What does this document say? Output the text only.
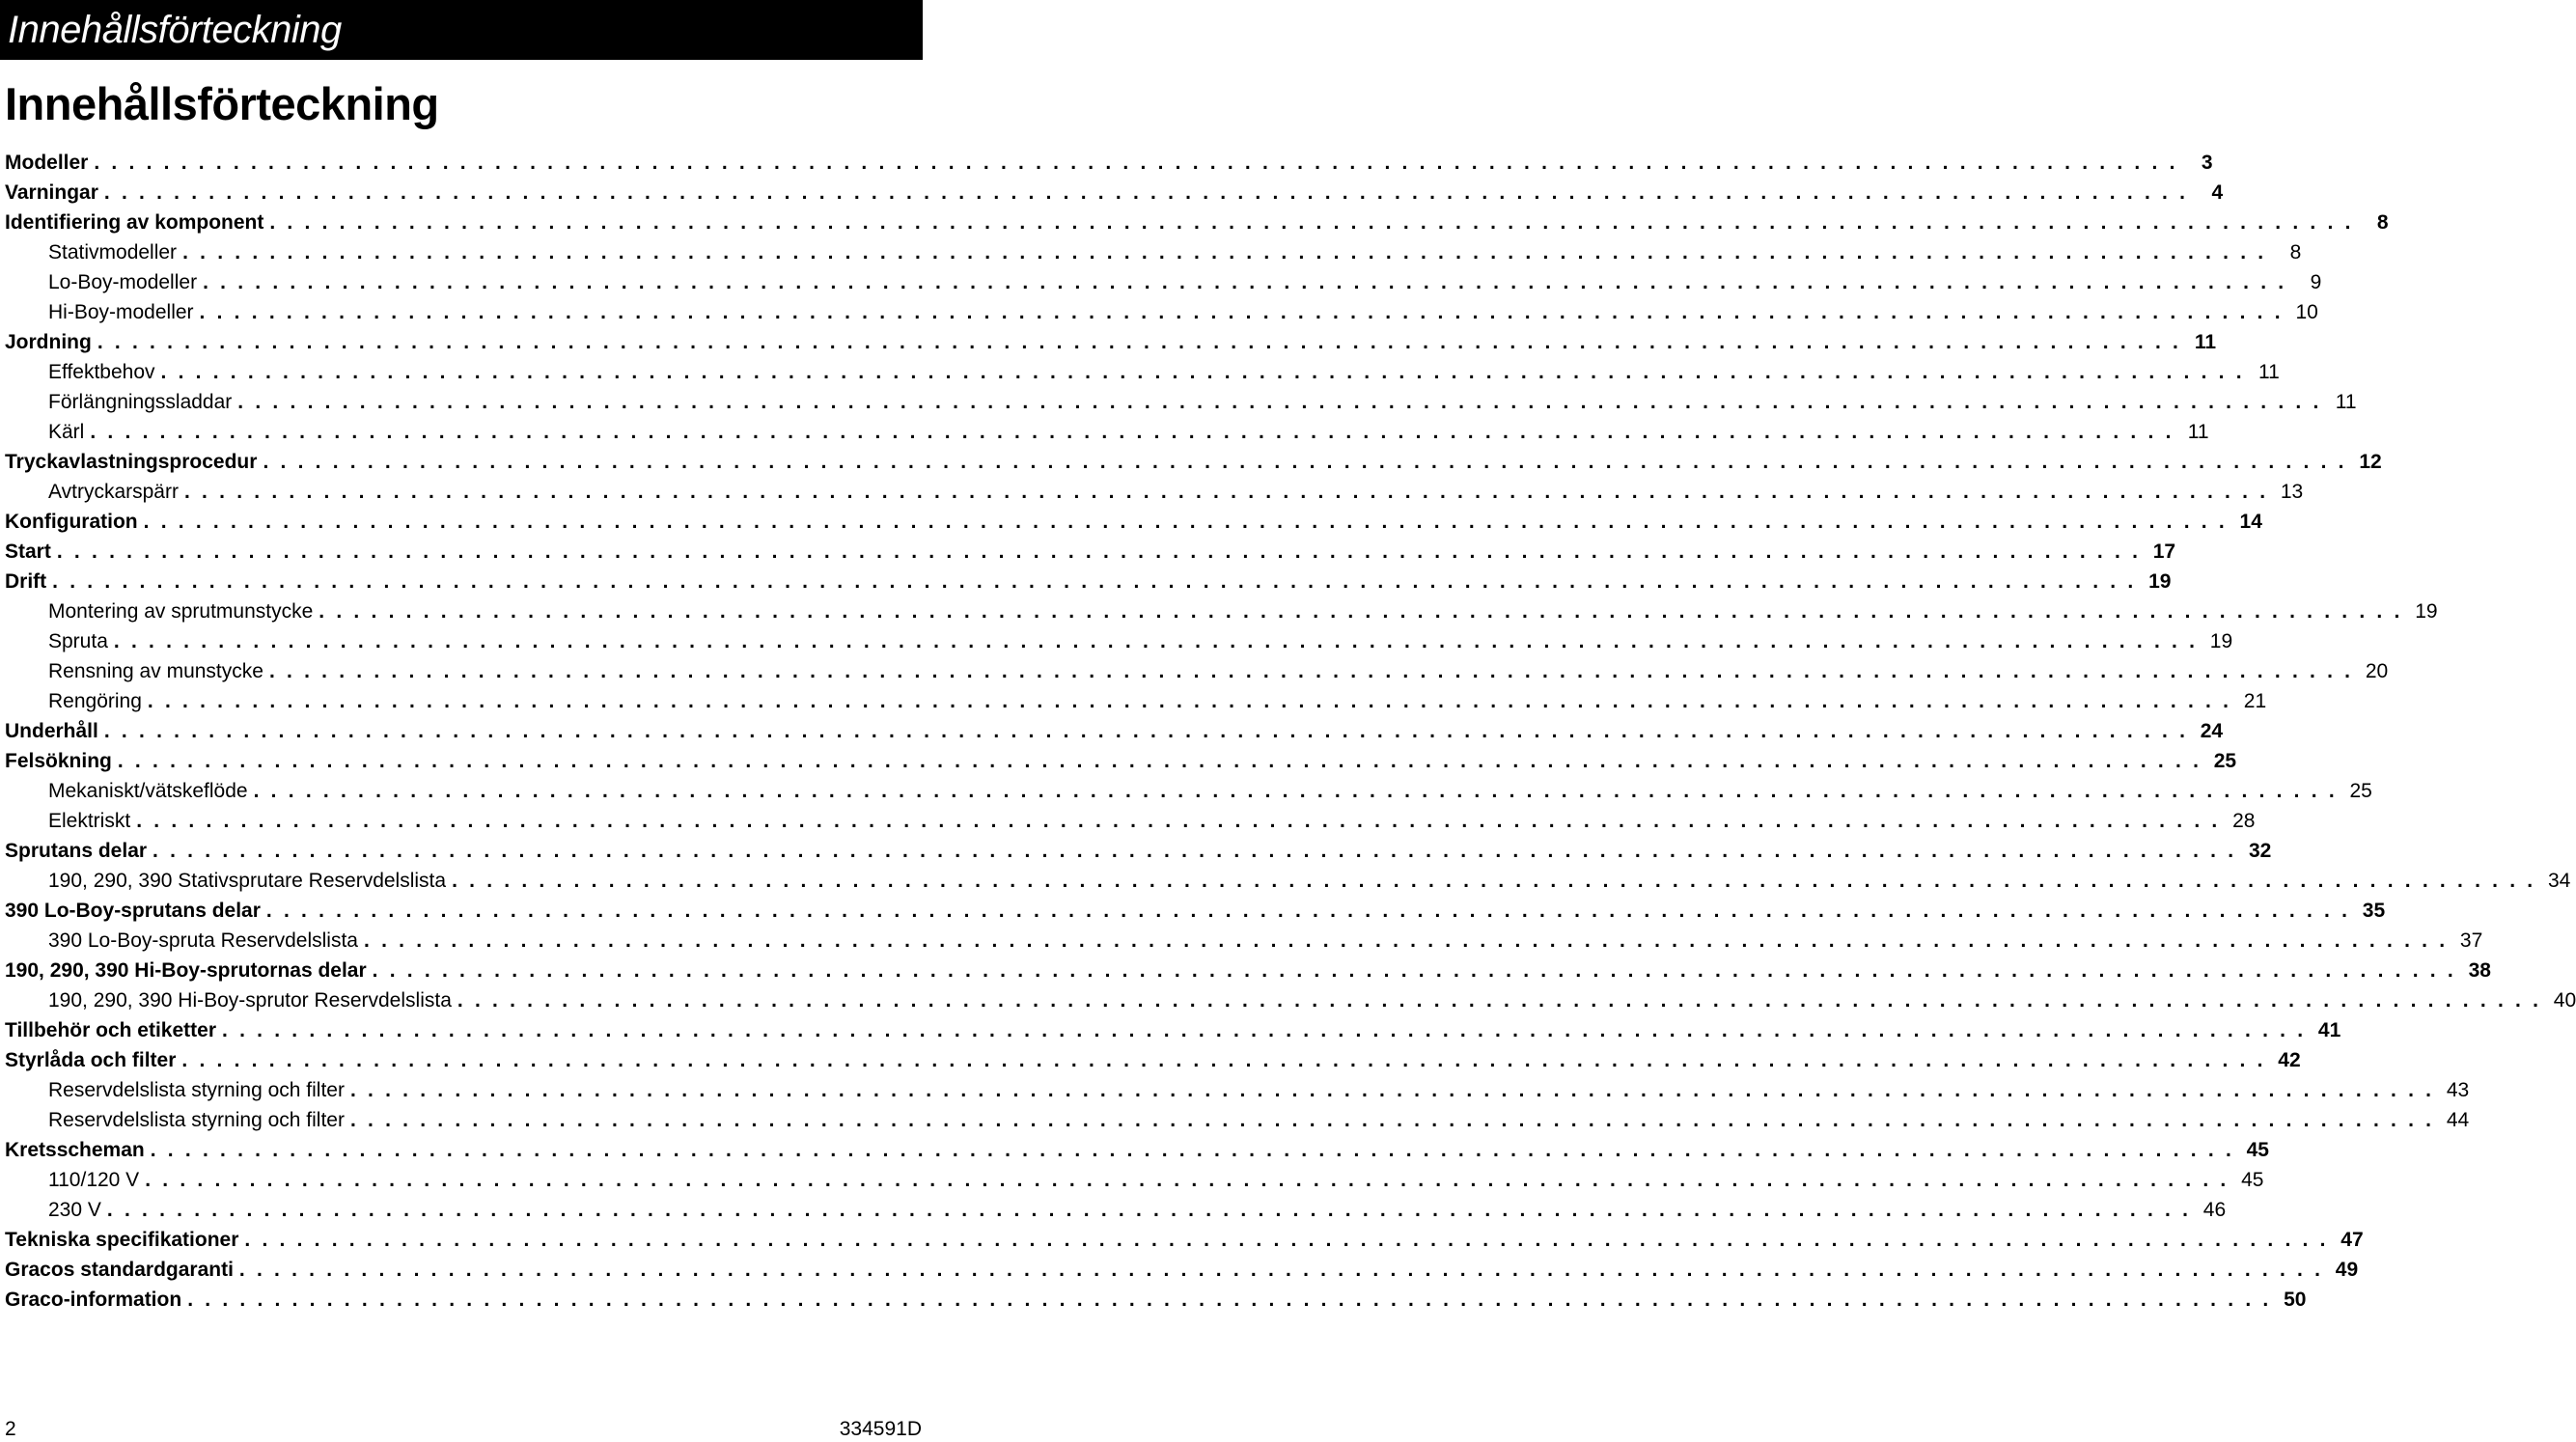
Innehållsförteckning
Innehållsförteckning
Modeller . . . . . . . . . . . . . . . . . . . . . . . . . . . . . . . . . . . . . . . . . . . . . . . . . . . . . . . . . . . . . . . . . . . . . . . . . . . . . . . . . . . . . . . . . . . . . . . . . . . . . . . . . . . . . . . . . . . . . . . .	3
Varningar . . . . . . . . . . . . . . . . . . . . . . . . . . . . . . . . . . . . . . . . . . . . . . . . . . . . . . . . . . . . . . . . . . . . . . . . . . . . . . . . . . . . . . . . . . . . . . . . . . . . . . . . . . . . . . . . . . . . . . . .	4
Identifiering av komponent . . . . . . . . . . . . . . . . . . . . . . . . . . . . . . . . . . . . . . . . . . . . . . . . . . . . . . . . . . . . . . . . . . . . . . . . . . . . . . . . . . . . . . . . . . . . . . . . . . . . . . . . . . . . . . . . . . . . . . . .	8
Stativmodeller . . . . . . . . . . . . . . . . . . . . . . . . . . . . . . . . . . . . . . . . . . . . . . . . . . . . . . . . . . . . . . . . . . . . . . . . . . . . . . . . . . . . . . . . . . . . . . . . . . . . . . . . . . . . . . . . . . . . . . . .	8
Lo-Boy-modeller . . . . . . . . . . . . . . . . . . . . . . . . . . . . . . . . . . . . . . . . . . . . . . . . . . . . . . . . . . . . . . . . . . . . . . . . . . . . . . . . . . . . . . . . . . . . . . . . . . . . . . . . . . . . . . . . . . . . . . . .	9
Hi-Boy-modeller . . . . . . . . . . . . . . . . . . . . . . . . . . . . . . . . . . . . . . . . . . . . . . . . . . . . . . . . . . . . . . . . . . . . . . . . . . . . . . . . . . . . . . . . . . . . . . . . . . . . . . . . . . . . . . . . . . . . . . . . 10
Jordning . . . . . . . . . . . . . . . . . . . . . . . . . . . . . . . . . . . . . . . . . . . . . . . . . . . . . . . . . . . . . . . . . . . . . . . . . . . . . . . . . . . . . . . . . . . . . . . . . . . . . . . . . . . . . . . . . . . . . . . . 11
Effektbehov . . . . . . . . . . . . . . . . . . . . . . . . . . . . . . . . . . . . . . . . . . . . . . . . . . . . . . . . . . . . . . . . . . . . . . . . . . . . . . . . . . . . . . . . . . . . . . . . . . . . . . . . . . . . . . . . . . . . . . . . 11
Förlängningssladdar . . . . . . . . . . . . . . . . . . . . . . . . . . . . . . . . . . . . . . . . . . . . . . . . . . . . . . . . . . . . . . . . . . . . . . . . . . . . . . . . . . . . . . . . . . . . . . . . . . . . . . . . . . . . . . . . . . . . . . . . 11
Kärl . . . . . . . . . . . . . . . . . . . . . . . . . . . . . . . . . . . . . . . . . . . . . . . . . . . . . . . . . . . . . . . . . . . . . . . . . . . . . . . . . . . . . . . . . . . . . . . . . . . . . . . . . . . . . . . . . . . . . . . . 11
Tryckavlastningsprocedur . . . . . . . . . . . . . . . . . . . . . . . . . . . . . . . . . . . . . . . . . . . . . . . . . . . . . . . . . . . . . . . . . . . . . . . . . . . . . . . . . . . . . . . . . . . . . . . . . . . . . . . . . . . . . . . . . . . . . . . . 12
Avtryckarspärr . . . . . . . . . . . . . . . . . . . . . . . . . . . . . . . . . . . . . . . . . . . . . . . . . . . . . . . . . . . . . . . . . . . . . . . . . . . . . . . . . . . . . . . . . . . . . . . . . . . . . . . . . . . . . . . . . . . . . . . . 13
Konfiguration . . . . . . . . . . . . . . . . . . . . . . . . . . . . . . . . . . . . . . . . . . . . . . . . . . . . . . . . . . . . . . . . . . . . . . . . . . . . . . . . . . . . . . . . . . . . . . . . . . . . . . . . . . . . . . . . . . . . . . . . 14
Start . . . . . . . . . . . . . . . . . . . . . . . . . . . . . . . . . . . . . . . . . . . . . . . . . . . . . . . . . . . . . . . . . . . . . . . . . . . . . . . . . . . . . . . . . . . . . . . . . . . . . . . . . . . . . . . . . . . . . . . . 17
Drift . . . . . . . . . . . . . . . . . . . . . . . . . . . . . . . . . . . . . . . . . . . . . . . . . . . . . . . . . . . . . . . . . . . . . . . . . . . . . . . . . . . . . . . . . . . . . . . . . . . . . . . . . . . . . . . . . . . . . . . . 19
Montering av sprutmunstycke . . . . . . . . . . . . . . . . . . . . . . . . . . . . . . . . . . . . . . . . . . . . . . . . . . . . . . . . . . . . . . . . . . . . . . . . . . . . . . . . . . . . . . . . . . . . . . . . . . . . . . . . . . . . . . . . . . . . . . . . 19
Spruta . . . . . . . . . . . . . . . . . . . . . . . . . . . . . . . . . . . . . . . . . . . . . . . . . . . . . . . . . . . . . . . . . . . . . . . . . . . . . . . . . . . . . . . . . . . . . . . . . . . . . . . . . . . . . . . . . . . . . . . . 19
Rensning av munstycke . . . . . . . . . . . . . . . . . . . . . . . . . . . . . . . . . . . . . . . . . . . . . . . . . . . . . . . . . . . . . . . . . . . . . . . . . . . . . . . . . . . . . . . . . . . . . . . . . . . . . . . . . . . . . . . . . . . . . . . . 20
Rengöring . . . . . . . . . . . . . . . . . . . . . . . . . . . . . . . . . . . . . . . . . . . . . . . . . . . . . . . . . . . . . . . . . . . . . . . . . . . . . . . . . . . . . . . . . . . . . . . . . . . . . . . . . . . . . . . . . . . . . . . . 21
Underhåll . . . . . . . . . . . . . . . . . . . . . . . . . . . . . . . . . . . . . . . . . . . . . . . . . . . . . . . . . . . . . . . . . . . . . . . . . . . . . . . . . . . . . . . . . . . . . . . . . . . . . . . . . . . . . . . . . . . . . . . . 24
Felsökning . . . . . . . . . . . . . . . . . . . . . . . . . . . . . . . . . . . . . . . . . . . . . . . . . . . . . . . . . . . . . . . . . . . . . . . . . . . . . . . . . . . . . . . . . . . . . . . . . . . . . . . . . . . . . . . . . . . . . . . . 25
Mekaniskt/vätskeflöde . . . . . . . . . . . . . . . . . . . . . . . . . . . . . . . . . . . . . . . . . . . . . . . . . . . . . . . . . . . . . . . . . . . . . . . . . . . . . . . . . . . . . . . . . . . . . . . . . . . . . . . . . . . . . . . . . . . . . . . . 25
Elektriskt . . . . . . . . . . . . . . . . . . . . . . . . . . . . . . . . . . . . . . . . . . . . . . . . . . . . . . . . . . . . . . . . . . . . . . . . . . . . . . . . . . . . . . . . . . . . . . . . . . . . . . . . . . . . . . . . . . . . . . . . 28
Sprutans delar . . . . . . . . . . . . . . . . . . . . . . . . . . . . . . . . . . . . . . . . . . . . . . . . . . . . . . . . . . . . . . . . . . . . . . . . . . . . . . . . . . . . . . . . . . . . . . . . . . . . . . . . . . . . . . . . . . . . . . . . 32
190, 290, 390 Stativsprutare Reservdelslista . . . . . . . . . . . . . . . . . . . . . . . . . . . . . . . . . . . . . . . . . . . . . . . . . . . . . . . . . . . . . . . . . . . . . . . . . . . . . . . . . . . . . . . . . . . . . . . . . . . . . . . . . . . . . . . . . . . . . . . . 34
390 Lo-Boy-sprutans delar . . . . . . . . . . . . . . . . . . . . . . . . . . . . . . . . . . . . . . . . . . . . . . . . . . . . . . . . . . . . . . . . . . . . . . . . . . . . . . . . . . . . . . . . . . . . . . . . . . . . . . . . . . . . . . . . . . . . . . . . 35
390 Lo-Boy-spruta Reservdelslista . . . . . . . . . . . . . . . . . . . . . . . . . . . . . . . . . . . . . . . . . . . . . . . . . . . . . . . . . . . . . . . . . . . . . . . . . . . . . . . . . . . . . . . . . . . . . . . . . . . . . . . . . . . . . . . . . . . . . . . . 37
190, 290, 390 Hi-Boy-sprutornas delar . . . . . . . . . . . . . . . . . . . . . . . . . . . . . . . . . . . . . . . . . . . . . . . . . . . . . . . . . . . . . . . . . . . . . . . . . . . . . . . . . . . . . . . . . . . . . . . . . . . . . . . . . . . . . . . . . . . . . . . . 38
190, 290, 390 Hi-Boy-sprutor Reservdelslista . . . . . . . . . . . . . . . . . . . . . . . . . . . . . . . . . . . . . . . . . . . . . . . . . . . . . . . . . . . . . . . . . . . . . . . . . . . . . . . . . . . . . . . . . . . . . . . . . . . . . . . . . . . . . . . . . . . . . . . . 40
Tillbehör och etiketter . . . . . . . . . . . . . . . . . . . . . . . . . . . . . . . . . . . . . . . . . . . . . . . . . . . . . . . . . . . . . . . . . . . . . . . . . . . . . . . . . . . . . . . . . . . . . . . . . . . . . . . . . . . . . . . . . . . . . . . . 41
Styrlåda och filter . . . . . . . . . . . . . . . . . . . . . . . . . . . . . . . . . . . . . . . . . . . . . . . . . . . . . . . . . . . . . . . . . . . . . . . . . . . . . . . . . . . . . . . . . . . . . . . . . . . . . . . . . . . . . . . . . . . . . . . . 42
Reservdelslista styrning och filter . . . . . . . . . . . . . . . . . . . . . . . . . . . . . . . . . . . . . . . . . . . . . . . . . . . . . . . . . . . . . . . . . . . . . . . . . . . . . . . . . . . . . . . . . . . . . . . . . . . . . . . . . . . . . . . . . . . . . . . . 43
Reservdelslista styrning och filter . . . . . . . . . . . . . . . . . . . . . . . . . . . . . . . . . . . . . . . . . . . . . . . . . . . . . . . . . . . . . . . . . . . . . . . . . . . . . . . . . . . . . . . . . . . . . . . . . . . . . . . . . . . . . . . . . . . . . . . . 44
Kretsscheman . . . . . . . . . . . . . . . . . . . . . . . . . . . . . . . . . . . . . . . . . . . . . . . . . . . . . . . . . . . . . . . . . . . . . . . . . . . . . . . . . . . . . . . . . . . . . . . . . . . . . . . . . . . . . . . . . . . . . . . . 45
110/120 V . . . . . . . . . . . . . . . . . . . . . . . . . . . . . . . . . . . . . . . . . . . . . . . . . . . . . . . . . . . . . . . . . . . . . . . . . . . . . . . . . . . . . . . . . . . . . . . . . . . . . . . . . . . . . . . . . . . . . . . . 45
230 V . . . . . . . . . . . . . . . . . . . . . . . . . . . . . . . . . . . . . . . . . . . . . . . . . . . . . . . . . . . . . . . . . . . . . . . . . . . . . . . . . . . . . . . . . . . . . . . . . . . . . . . . . . . . . . . . . . . . . . . . 46
Tekniska specifikationer . . . . . . . . . . . . . . . . . . . . . . . . . . . . . . . . . . . . . . . . . . . . . . . . . . . . . . . . . . . . . . . . . . . . . . . . . . . . . . . . . . . . . . . . . . . . . . . . . . . . . . . . . . . . . . . . . . . . . . . . 47
Gracos standardgaranti . . . . . . . . . . . . . . . . . . . . . . . . . . . . . . . . . . . . . . . . . . . . . . . . . . . . . . . . . . . . . . . . . . . . . . . . . . . . . . . . . . . . . . . . . . . . . . . . . . . . . . . . . . . . . . . . . . . . . . . . 49
Graco-information . . . . . . . . . . . . . . . . . . . . . . . . . . . . . . . . . . . . . . . . . . . . . . . . . . . . . . . . . . . . . . . . . . . . . . . . . . . . . . . . . . . . . . . . . . . . . . . . . . . . . . . . . . . . . . . . . . . . . . . . 50
2	334591D
